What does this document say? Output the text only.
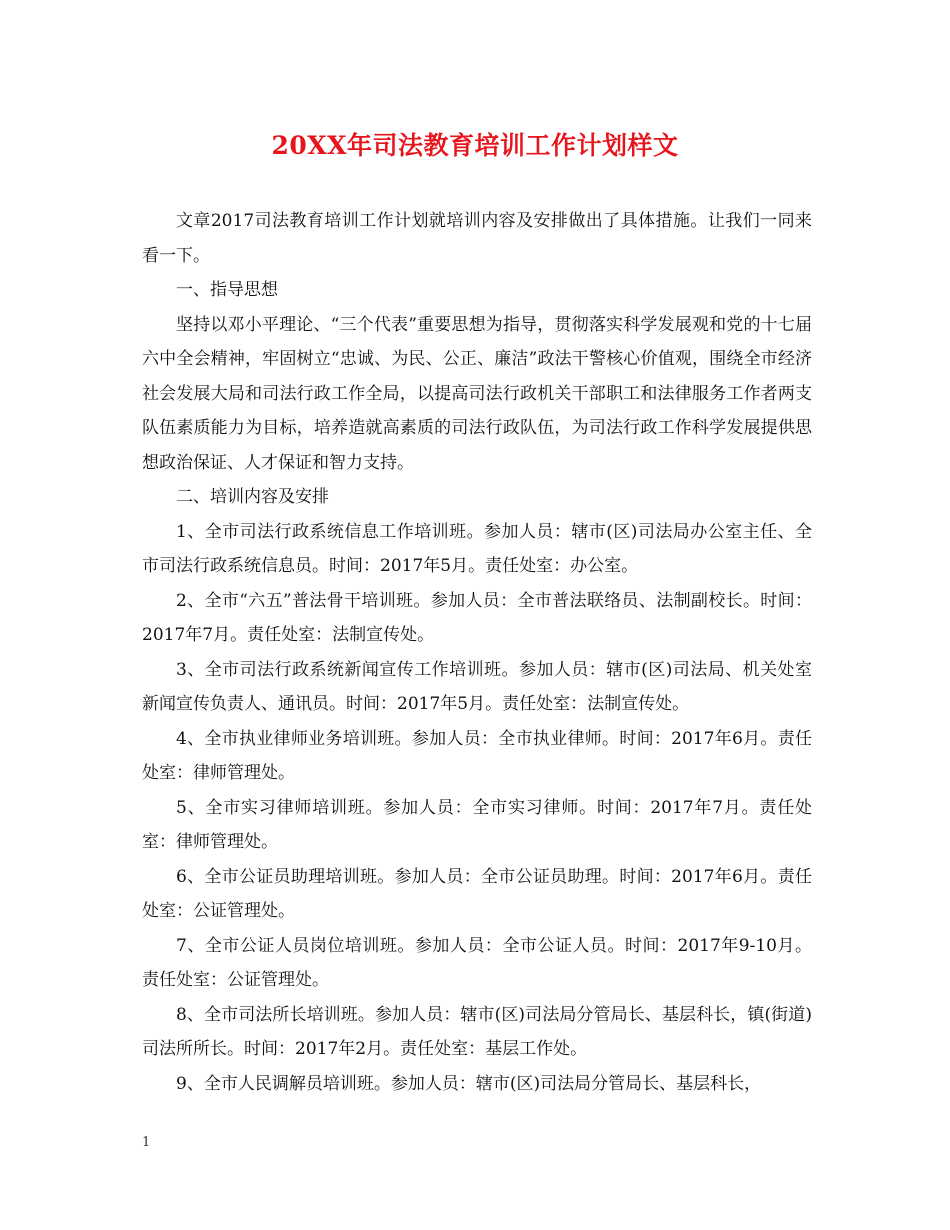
20XX年司法教育培训工作计划样文

文章2017司法教育培训工作计划就培训内容及安排做出了具体措施。让我们一同来看一下。

一、指导思想

坚持以邓小平理论、“三个代表”重要思想为指导，贯彻落实科学发展观和党的十七届六中全会精神，牢固树立“忠诚、为民、公正、廉洁”政法干警核心价值观，围绕全市经济社会发展大局和司法行政工作全局，以提高司法行政机关干部职工和法律服务工作者两支队伍素质能力为目标，培养造就高素质的司法行政队伍，为司法行政工作科学发展提供思想政治保证、人才保证和智力支持。

二、培训内容及安排

1、全市司法行政系统信息工作培训班。参加人员：辖市(区)司法局办公室主任、全市司法行政系统信息员。时间：2017年5月。责任处室：办公室。

2、全市“六五”普法骨干培训班。参加人员：全市普法联络员、法制副校长。时间：2017年7月。责任处室：法制宣传处。

3、全市司法行政系统新闻宣传工作培训班。参加人员：辖市(区)司法局、机关处室新闻宣传负责人、通讯员。时间：2017年5月。责任处室：法制宣传处。

4、全市执业律师业务培训班。参加人员：全市执业律师。时间：2017年6月。责任处室：律师管理处。

5、全市实习律师培训班。参加人员：全市实习律师。时间：2017年7月。责任处室：律师管理处。

6、全市公证员助理培训班。参加人员：全市公证员助理。时间：2017年6月。责任处室：公证管理处。

7、全市公证人员岗位培训班。参加人员：全市公证人员。时间：2017年9-10月。责任处室：公证管理处。

8、全市司法所长培训班。参加人员：辖市(区)司法局分管局长、基层科长，镇(街道)司法所所长。时间：2017年2月。责任处室：基层工作处。

9、全市人民调解员培训班。参加人员：辖市(区)司法局分管局长、基层科长，

1
